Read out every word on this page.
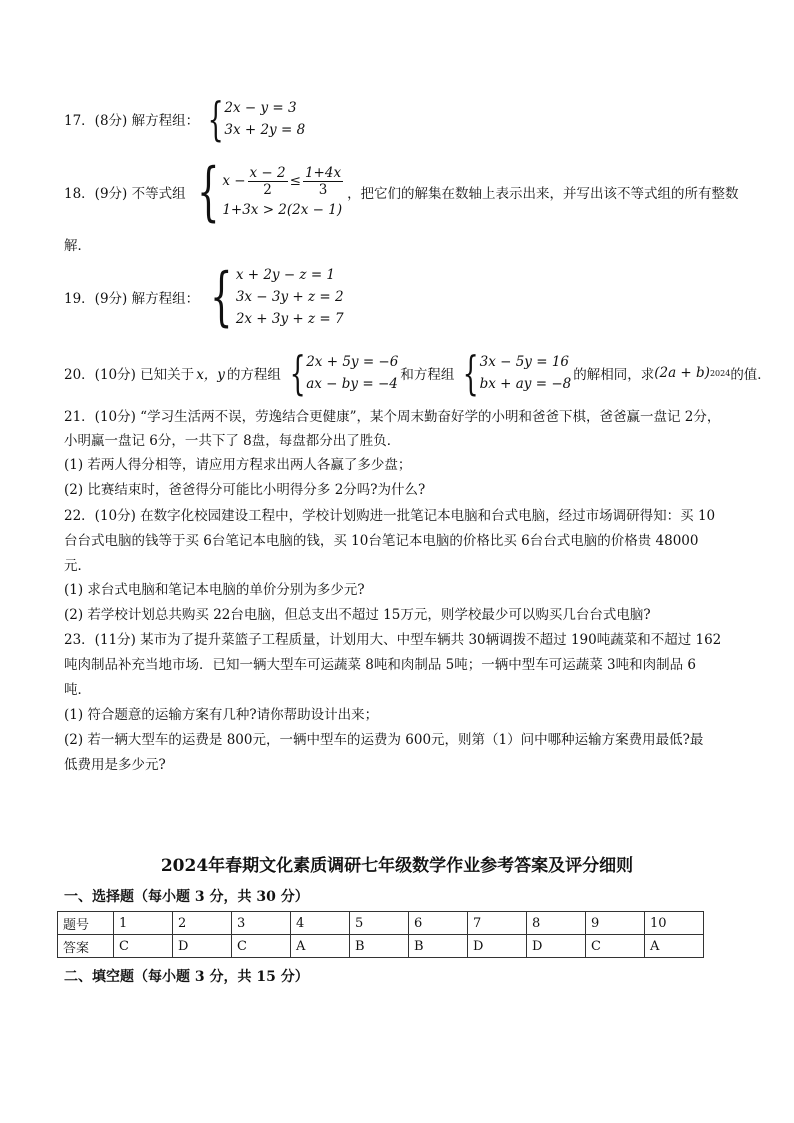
17．(8分) 解方程组： { 2x − y = 3
3x + 2y = 8
18．(9分) 不等式组 { $x - \frac{x - 2}{2} \le \frac{1+4x}{3}$
1+3x > 2(2x − 1)
，把它们的解集在数轴上表示出来，并写出该不等式组的所有整数
解．
19．(9分) 解方程组： { x + 2y − z = 1
3x − 3y + z = 2
2x + 3y + z = 7
20．(10分) 已知关于 x，y 的方程组 { 2x + 5y = −6
ax − by = −4
和方程组 { 3x − 5y = 16
bx + ay = −8
的解相同，求 (2a + b) 2024 的值．
21．(10分) “学习生活两不误，劳逸结合更健康”，某个周末勤奋好学的小明和爸爸下棋，爸爸赢一盘记 2分，
小明赢一盘记 6分，一共下了 8盘，每盘都分出了胜负．
(1) 若两人得分相等，请应用方程求出两人各赢了多少盘；
(2) 比赛结束时，爸爸得分可能比小明得分多 2分吗?为什么?
22．(10分) 在数字化校园建设工程中，学校计划购进一批笔记本电脑和台式电脑，经过市场调研得知：买 10
台台式电脑的钱等于买 6台笔记本电脑的钱，买 10台笔记本电脑的价格比买 6台台式电脑的价格贵 48000
元．
(1) 求台式电脑和笔记本电脑的单价分别为多少元?
(2) 若学校计划总共购买 22台电脑，但总支出不超过 15万元，则学校最少可以购买几台台式电脑?
23．(11分) 某市为了提升菜篮子工程质量，计划用大、中型车辆共 30辆调拨不超过 190吨蔬菜和不超过 162
吨肉制品补充当地市场．已知一辆大型车可运蔬菜 8吨和肉制品 5吨；一辆中型车可运蔬菜 3吨和肉制品 6
吨．
(1) 符合题意的运输方案有几种?请你帮助设计出来；
(2) 若一辆大型车的运费是 800元，一辆中型车的运费为 600元，则第（1）问中哪种运输方案费用最低?最
低费用是多少元?
2024年春期文化素质调研七年级数学作业参考答案及评分细则
一、选择题（每小题 3 分，共 30 分）
题号	1	2	3	4	5	6	7	8	9	10
答案	C	D	C	A	B	B	D	D	C	A
二、填空题（每小题 3 分，共 15 分）
